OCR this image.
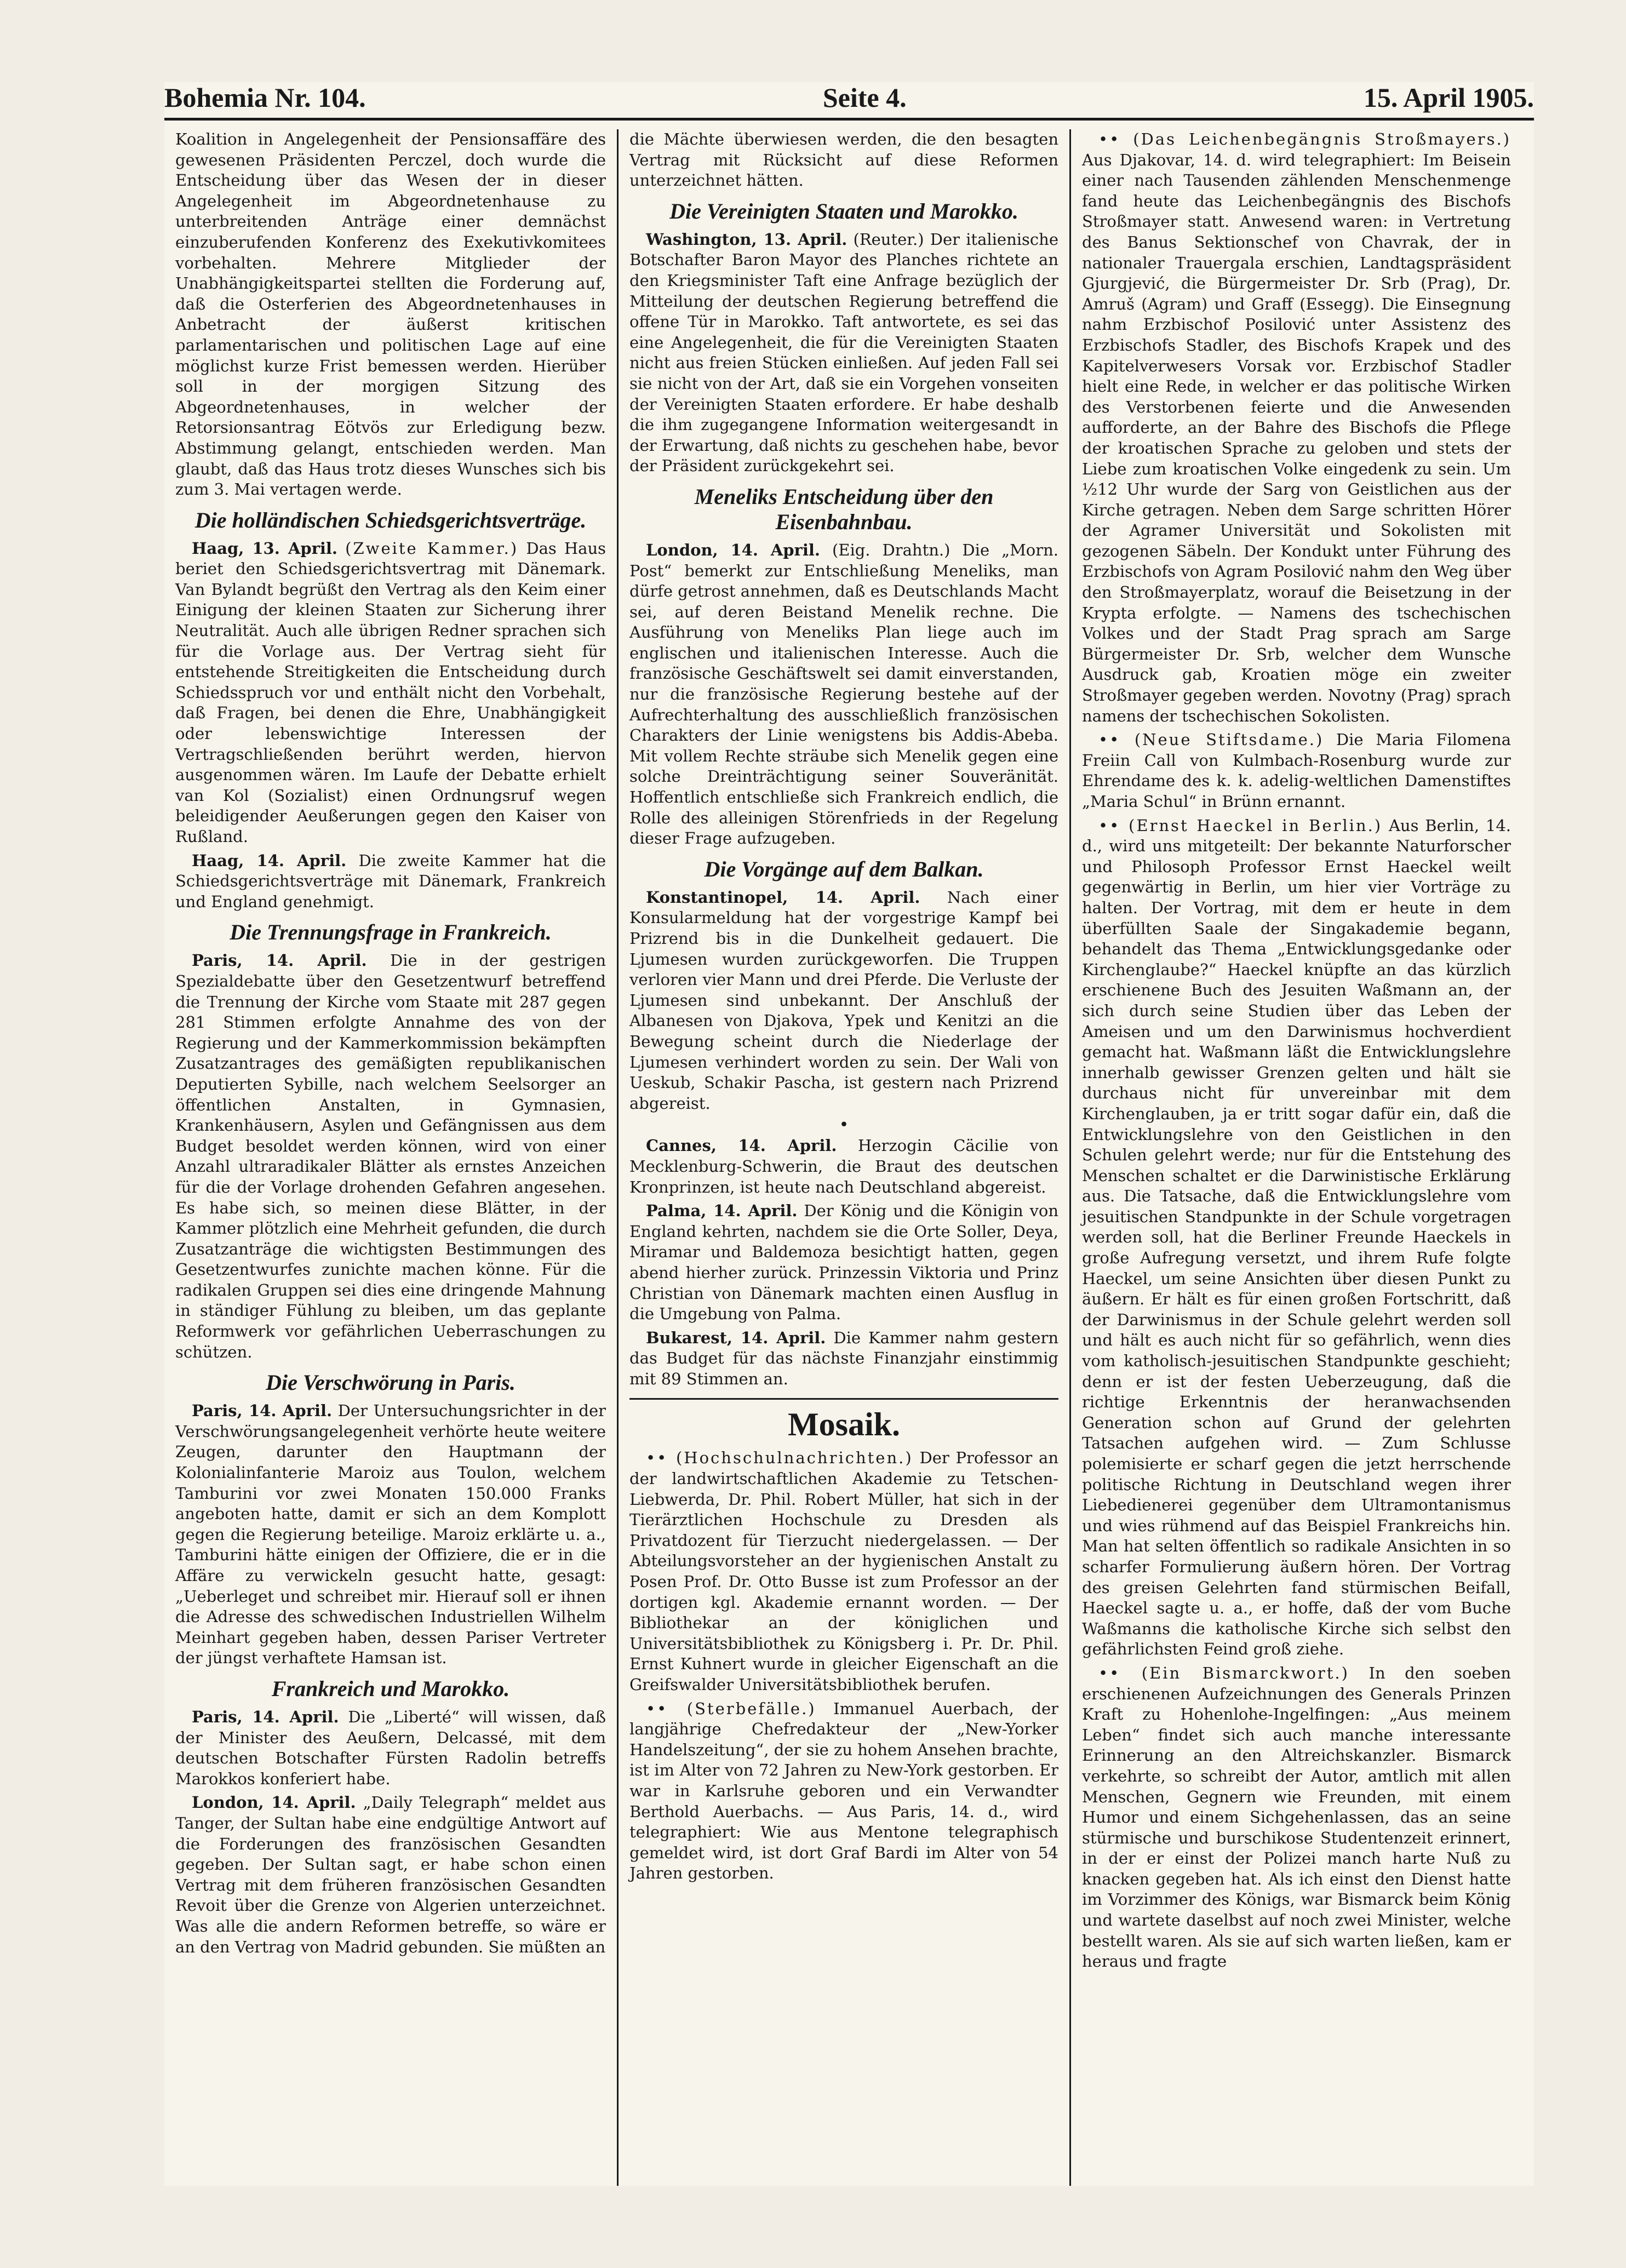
Bohemia Nr. 104.	Seite 4.	15. April 1905.

Koalition in Angelegenheit der Pensionsaffäre des gewesenen Präsidenten Perczel, doch wurde die Entscheidung über das Wesen der in dieser Angelegenheit im Abgeordnetenhause zu unterbreitenden Anträge einer demnächst einzuberufenden Konferenz des Exekutivkomitees vorbehalten. Mehrere Mitglieder der Unabhängigkeitspartei stellten die Forderung auf, daß die Osterferien des Abgeordnetenhauses in Anbetracht der äußerst kritischen parlamentarischen und politischen Lage auf eine möglichst kurze Frist bemessen werden. Hierüber soll in der morgigen Sitzung des Abgeordnetenhauses, in welcher der Retorsionsantrag Eötvös zur Erledigung bezw. Abstimmung gelangt, entschieden werden. Man glaubt, daß das Haus trotz dieses Wunsches sich bis zum 3. Mai vertagen werde.

Die holländischen Schiedsgerichtsverträge.

Haag, 13. April. (Zweite Kammer.) Das Haus beriet den Schiedsgerichtsvertrag mit Dänemark. Van Bylandt begrüßt den Vertrag als den Keim einer Einigung der kleinen Staaten zur Sicherung ihrer Neutralität. Auch alle übrigen Redner sprachen sich für die Vorlage aus. Der Vertrag sieht für entstehende Streitigkeiten die Entscheidung durch Schiedsspruch vor und enthält nicht den Vorbehalt, daß Fragen, bei denen die Ehre, Unabhängigkeit oder lebenswichtige Interessen der Vertragschließenden berührt werden, hiervon ausgenommen wären. Im Laufe der Debatte erhielt van Kol (Sozialist) einen Ordnungsruf wegen beleidigender Aeußerungen gegen den Kaiser von Rußland.

Haag, 14. April. Die zweite Kammer hat die Schiedsgerichtsverträge mit Dänemark, Frankreich und England genehmigt.

Die Trennungsfrage in Frankreich.

Paris, 14. April. Die in der gestrigen Spezialdebatte über den Gesetzentwurf betreffend die Trennung der Kirche vom Staate mit 287 gegen 281 Stimmen erfolgte Annahme des von der Regierung und der Kammerkommission bekämpften Zusatzantrages des gemäßigten republikanischen Deputierten Sybille, nach welchem Seelsorger an öffentlichen Anstalten, in Gymnasien, Krankenhäusern, Asylen und Gefängnissen aus dem Budget besoldet werden können, wird von einer Anzahl ultraradikaler Blätter als ernstes Anzeichen für die der Vorlage drohenden Gefahren angesehen. Es habe sich, so meinen diese Blätter, in der Kammer plötzlich eine Mehrheit gefunden, die durch Zusatzanträge die wichtigsten Bestimmungen des Gesetzentwurfes zunichte machen könne. Für die radikalen Gruppen sei dies eine dringende Mahnung in ständiger Fühlung zu bleiben, um das geplante Reformwerk vor gefährlichen Ueberraschungen zu schützen.

Die Verschwörung in Paris.

Paris, 14. April. Der Untersuchungsrichter in der Verschwörungsangelegenheit verhörte heute weitere Zeugen, darunter den Hauptmann der Kolonialinfanterie Maroiz aus Toulon, welchem Tamburini vor zwei Monaten 150.000 Franks angeboten hatte, damit er sich an dem Komplott gegen die Regierung beteilige. Maroiz erklärte u. a., Tamburini hätte einigen der Offiziere, die er in die Affäre zu verwickeln gesucht hatte, gesagt: „Ueberleget und schreibet mir. Hierauf soll er ihnen die Adresse des schwedischen Industriellen Wilhelm Meinhart gegeben haben, dessen Pariser Vertreter der jüngst verhaftete Hamsan ist.

Frankreich und Marokko.

Paris, 14. April. Die „Liberté“ will wissen, daß der Minister des Aeußern, Delcassé, mit dem deutschen Botschafter Fürsten Radolin betreffs Marokkos konferiert habe.

London, 14. April. „Daily Telegraph“ meldet aus Tanger, der Sultan habe eine endgültige Antwort auf die Forderungen des französischen Gesandten gegeben. Der Sultan sagt, er habe schon einen Vertrag mit dem früheren französischen Gesandten Revoit über die Grenze von Algerien unterzeichnet. Was alle die andern Reformen betreffe, so wäre er an den Vertrag von Madrid gebunden. Sie müßten an

die Mächte überwiesen werden, die den besagten Vertrag mit Rücksicht auf diese Reformen unterzeichnet hätten.

Die Vereinigten Staaten und Marokko.

Washington, 13. April. (Reuter.) Der italienische Botschafter Baron Mayor des Planches richtete an den Kriegsminister Taft eine Anfrage bezüglich der Mitteilung der deutschen Regierung betreffend die offene Tür in Marokko. Taft antwortete, es sei das eine Angelegenheit, die für die Vereinigten Staaten nicht aus freien Stücken einließen. Auf jeden Fall sei sie nicht von der Art, daß sie ein Vorgehen vonseiten der Vereinigten Staaten erfordere. Er habe deshalb die ihm zugegangene Information weitergesandt in der Erwartung, daß nichts zu geschehen habe, bevor der Präsident zurückgekehrt sei.

Meneliks Entscheidung über den Eisenbahnbau.

London, 14. April. (Eig. Drahtn.) Die „Morn. Post“ bemerkt zur Entschließung Meneliks, man dürfe getrost annehmen, daß es Deutschlands Macht sei, auf deren Beistand Menelik rechne. Die Ausführung von Meneliks Plan liege auch im englischen und italienischen Interesse. Auch die französische Geschäftswelt sei damit einverstanden, nur die französische Regierung bestehe auf der Aufrechterhaltung des ausschließlich französischen Charakters der Linie wenigstens bis Addis-Abeba. Mit vollem Rechte sträube sich Menelik gegen eine solche Dreinträchtigung seiner Souveränität. Hoffentlich entschließe sich Frankreich endlich, die Rolle des alleinigen Störenfrieds in der Regelung dieser Frage aufzugeben.

Die Vorgänge auf dem Balkan.

Konstantinopel, 14. April. Nach einer Konsularmeldung hat der vorgestrige Kampf bei Prizrend bis in die Dunkelheit gedauert. Die Ljumesen wurden zurückgeworfen. Die Truppen verloren vier Mann und drei Pferde. Die Verluste der Ljumesen sind unbekannt. Der Anschluß der Albanesen von Djakova, Ypek und Kenitzi an die Bewegung scheint durch die Niederlage der Ljumesen verhindert worden zu sein. Der Wali von Ueskub, Schakir Pascha, ist gestern nach Prizrend abgereist.

•

Cannes, 14. April. Herzogin Cäcilie von Mecklenburg-Schwerin, die Braut des deutschen Kronprinzen, ist heute nach Deutschland abgereist.

Palma, 14. April. Der König und die Königin von England kehrten, nachdem sie die Orte Soller, Deya, Miramar und Baldemoza besichtigt hatten, gegen abend hierher zurück. Prinzessin Viktoria und Prinz Christian von Dänemark machten einen Ausflug in die Umgebung von Palma.

Bukarest, 14. April. Die Kammer nahm gestern das Budget für das nächste Finanzjahr einstimmig mit 89 Stimmen an.

Mosaik.

•• (Hochschulnachrichten.) Der Professor an der landwirtschaftlichen Akademie zu Tetschen-Liebwerda, Dr. Phil. Robert Müller, hat sich in der Tierärztlichen Hochschule zu Dresden als Privatdozent für Tierzucht niedergelassen. — Der Abteilungsvorsteher an der hygienischen Anstalt zu Posen Prof. Dr. Otto Busse ist zum Professor an der dortigen kgl. Akademie ernannt worden. — Der Bibliothekar an der königlichen und Universitätsbibliothek zu Königsberg i. Pr. Dr. Phil. Ernst Kuhnert wurde in gleicher Eigenschaft an die Greifswalder Universitätsbibliothek berufen.

•• (Sterbefälle.) Immanuel Auerbach, der langjährige Chefredakteur der „New-Yorker Handelszeitung“, der sie zu hohem Ansehen brachte, ist im Alter von 72 Jahren zu New-York gestorben. Er war in Karlsruhe geboren und ein Verwandter Berthold Auerbachs. — Aus Paris, 14. d., wird telegraphiert: Wie aus Mentone telegraphisch gemeldet wird, ist dort Graf Bardi im Alter von 54 Jahren gestorben.

•• (Das Leichenbegängnis Stroßmayers.) Aus Djakovar, 14. d. wird telegraphiert: Im Beisein einer nach Tausenden zählenden Menschenmenge fand heute das Leichenbegängnis des Bischofs Stroßmayer statt. Anwesend waren: in Vertretung des Banus Sektionschef von Chavrak, der in nationaler Trauergala erschien, Landtagspräsident Gjurgjević, die Bürgermeister Dr. Srb (Prag), Dr. Amruš (Agram) und Graff (Essegg). Die Einsegnung nahm Erzbischof Posilović unter Assistenz des Erzbischofs Stadler, des Bischofs Krapek und des Kapitelverwesers Vorsak vor. Erzbischof Stadler hielt eine Rede, in welcher er das politische Wirken des Verstorbenen feierte und die Anwesenden aufforderte, an der Bahre des Bischofs die Pflege der kroatischen Sprache zu geloben und stets der Liebe zum kroatischen Volke eingedenk zu sein. Um ½12 Uhr wurde der Sarg von Geistlichen aus der Kirche getragen. Neben dem Sarge schritten Hörer der Agramer Universität und Sokolisten mit gezogenen Säbeln. Der Kondukt unter Führung des Erzbischofs von Agram Posilović nahm den Weg über den Stroßmayerplatz, worauf die Beisetzung in der Krypta erfolgte. — Namens des tschechischen Volkes und der Stadt Prag sprach am Sarge Bürgermeister Dr. Srb, welcher dem Wunsche Ausdruck gab, Kroatien möge ein zweiter Stroßmayer gegeben werden. Novotny (Prag) sprach namens der tschechischen Sokolisten.

•• (Neue Stiftsdame.) Die Maria Filomena Freiin Call von Kulmbach-Rosenburg wurde zur Ehrendame des k. k. adelig-weltlichen Damenstiftes „Maria Schul“ in Brünn ernannt.

•• (Ernst Haeckel in Berlin.) Aus Berlin, 14. d., wird uns mitgeteilt: Der bekannte Naturforscher und Philosoph Professor Ernst Haeckel weilt gegenwärtig in Berlin, um hier vier Vorträge zu halten. Der Vortrag, mit dem er heute in dem überfüllten Saale der Singakademie begann, behandelt das Thema „Entwicklungsgedanke oder Kirchenglaube?“ Haeckel knüpfte an das kürzlich erschienene Buch des Jesuiten Waßmann an, der sich durch seine Studien über das Leben der Ameisen und um den Darwinismus hochverdient gemacht hat. Waßmann läßt die Entwicklungslehre innerhalb gewisser Grenzen gelten und hält sie durchaus nicht für unvereinbar mit dem Kirchenglauben, ja er tritt sogar dafür ein, daß die Entwicklungslehre von den Geistlichen in den Schulen gelehrt werde; nur für die Entstehung des Menschen schaltet er die Darwinistische Erklärung aus. Die Tatsache, daß die Entwicklungslehre vom jesuitischen Standpunkte in der Schule vorgetragen werden soll, hat die Berliner Freunde Haeckels in große Aufregung versetzt, und ihrem Rufe folgte Haeckel, um seine Ansichten über diesen Punkt zu äußern. Er hält es für einen großen Fortschritt, daß der Darwinismus in der Schule gelehrt werden soll und hält es auch nicht für so gefährlich, wenn dies vom katholisch-jesuitischen Standpunkte geschieht; denn er ist der festen Ueberzeugung, daß die richtige Erkenntnis der heranwachsenden Generation schon auf Grund der gelehrten Tatsachen aufgehen wird. — Zum Schlusse polemisierte er scharf gegen die jetzt herrschende politische Richtung in Deutschland wegen ihrer Liebedienerei gegenüber dem Ultramontanismus und wies rühmend auf das Beispiel Frankreichs hin. Man hat selten öffentlich so radikale Ansichten in so scharfer Formulierung äußern hören. Der Vortrag des greisen Gelehrten fand stürmischen Beifall, Haeckel sagte u. a., er hoffe, daß der vom Buche Waßmanns die katholische Kirche sich selbst den gefährlichsten Feind groß ziehe.

•• (Ein Bismarckwort.) In den soeben erschienenen Aufzeichnungen des Generals Prinzen Kraft zu Hohenlohe-Ingelfingen: „Aus meinem Leben“ findet sich auch manche interessante Erinnerung an den Altreichskanzler. Bismarck verkehrte, so schreibt der Autor, amtlich mit allen Menschen, Gegnern wie Freunden, mit einem Humor und einem Sichgehenlassen, das an seine stürmische und burschikose Studentenzeit erinnert, in der er einst der Polizei manch harte Nuß zu knacken gegeben hat. Als ich einst den Dienst hatte im Vorzimmer des Königs, war Bismarck beim König und wartete daselbst auf noch zwei Minister, welche bestellt waren. Als sie auf sich warten ließen, kam er heraus und fragte
